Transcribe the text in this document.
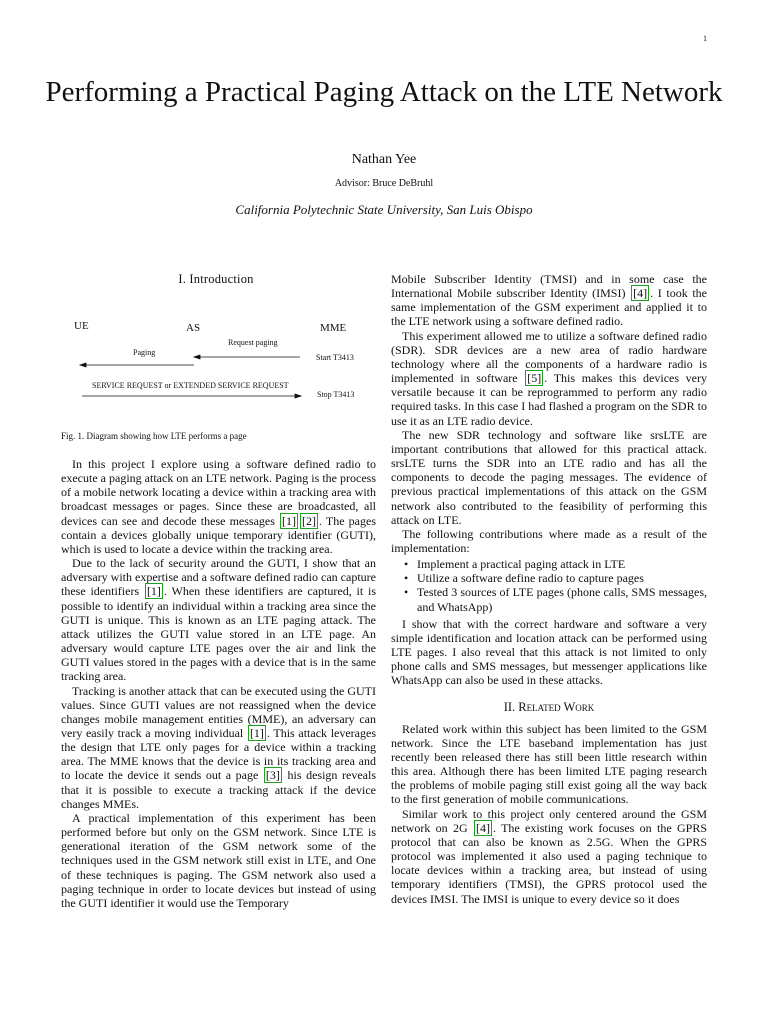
1
Performing a Practical Paging Attack on the LTE Network
Nathan Yee
Advisor: Bruce DeBruhl
California Polytechnic State University, San Luis Obispo
I. Introduction
UE	AS	MME
Request paging
Paging
Start T3413
SERVICE REQUEST or EXTENDED SERVICE REQUEST
Stop T3413
Fig. 1. Diagram showing how LTE performs a page

In this project I explore using a software defined radio to execute a paging attack on an LTE network. Paging is the process of a mobile network locating a device within a tracking area with broadcast messages or pages. Since these are broadcasted, all devices can see and decode these messages [1] [2] . The pages contain a devices globally unique temporary identifier (GUTI), which is used to locate a device within the tracking area.

Due to the lack of security around the GUTI, I show that an adversary with expertise and a software defined radio can capture these identifiers [1] . When these identifiers are captured, it is possible to identify an individual within a tracking area since the GUTI is unique. This is known as an LTE paging attack. The attack utilizes the GUTI value stored in an LTE page. An adversary would capture LTE pages over the air and link the GUTI values stored in the pages with a device that is in the same tracking area.

Tracking is another attack that can be executed using the GUTI values. Since GUTI values are not reassigned when the device changes mobile management entities (MME), an adversary can very easily track a moving individual [1] . This attack leverages the design that LTE only pages for a device within a tracking area. The MME knows that the device is in its tracking area and to locate the device it sends out a page [3] his design reveals that it is possible to execute a tracking attack if the device changes MMEs.

A practical implementation of this experiment has been performed before but only on the GSM network. Since LTE is generational iteration of the GSM network some of the techniques used in the GSM network still exist in LTE, and One of these techniques is paging. The GSM network also used a paging technique in order to locate devices but instead of using the GUTI identifier it would use the Temporary

Mobile Subscriber Identity (TMSI) and in some case the International Mobile subscriber Identity (IMSI) [4] . I took the same implementation of the GSM experiment and applied it to the LTE network using a software defined radio.

This experiment allowed me to utilize a software defined radio (SDR). SDR devices are a new area of radio hardware technology where all the components of a hardware radio is implemented in software [5] . This makes this devices very versatile because it can be reprogrammed to perform any radio required tasks. In this case I had flashed a program on the SDR to use it as an LTE radio device.

The new SDR technology and software like srsLTE are important contributions that allowed for this practical attack. srsLTE turns the SDR into an LTE radio and has all the components to decode the paging messages. The evidence of previous practical implementations of this attack on the GSM network also contributed to the feasibility of performing this attack on LTE.

The following contributions where made as a result of the implementation:

• Implement a practical paging attack in LTE
• Utilize a software define radio to capture pages
• Tested 3 sources of LTE pages (phone calls, SMS messages, and WhatsApp)

I show that with the correct hardware and software a very simple identification and location attack can be performed using LTE pages. I also reveal that this attack is not limited to only phone calls and SMS messages, but messenger applications like WhatsApp can also be used in these attacks.

II. Related Work

Related work within this subject has been limited to the GSM network. Since the LTE baseband implementation has just recently been released there has still been little research within this area. Although there has been limited LTE paging research the problems of mobile paging still exist going all the way back to the first generation of mobile communications.

Similar work to this project only centered around the GSM network on 2G [4] . The existing work focuses on the GPRS protocol that can also be known as 2.5G. When the GPRS protocol was implemented it also used a paging technique to locate devices within a tracking area, but instead of using temporary identifiers (TMSI), the GPRS protocol used the devices IMSI. The IMSI is unique to every device so it does
